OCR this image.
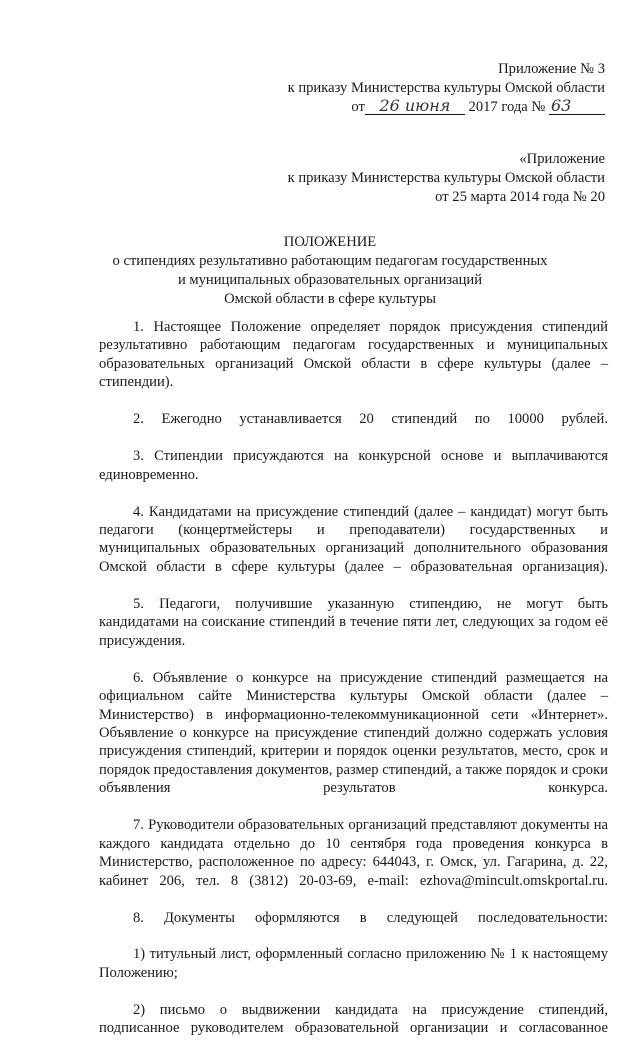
Приложение № 3
к приказу Министерства культуры Омской области
от 26 июня 2017 года № 63
«Приложение
к приказу Министерства культуры Омской области
от 25 марта 2014 года № 20
ПОЛОЖЕНИЕ
о стипендиях результативно работающим педагогам государственных
и муниципальных образовательных организаций
Омской области в сфере культуры

1. Настоящее Положение определяет порядок присуждения стипендий результативно работающим педагогам государственных и муниципальных образовательных организаций Омской области в сфере культуры (далее – стипендии).

2. Ежегодно устанавливается 20 стипендий по 10000 рублей.

3. Стипендии присуждаются на конкурсной основе и выплачиваются единовременно.

4. Кандидатами на присуждение стипендий (далее – кандидат) могут быть педагоги (концертмейстеры и преподаватели) государственных и муниципальных образовательных организаций дополнительного образования Омской области в сфере культуры (далее – образовательная организация).

5. Педагоги, получившие указанную стипендию, не могут быть кандидатами на соискание стипендий в течение пяти лет, следующих за годом её присуждения.

6. Объявление о конкурсе на присуждение стипендий размещается на официальном сайте Министерства культуры Омской области (далее – Министерство) в информационно-телекоммуникационной сети «Интернет». Объявление о конкурсе на присуждение стипендий должно содержать условия присуждения стипендий, критерии и порядок оценки результатов, место, срок и порядок предоставления документов, размер стипендий, а также порядок и сроки объявления результатов конкурса.

7. Руководители образовательных организаций представляют документы на каждого кандидата отдельно до 10 сентября года проведения конкурса в Министерство, расположенное по адресу: 644043, г. Омск, ул. Гагарина, д. 22, кабинет 206, тел. 8 (3812) 20-03-69, e-mail: ezhova@mincult.omskportal.ru.

8. Документы оформляются в следующей последовательности:

1) титульный лист, оформленный согласно приложению № 1 к настоящему Положению;

2) письмо о выдвижении кандидата на присуждение стипендий, подписанное руководителем образовательной организации и согласованное
